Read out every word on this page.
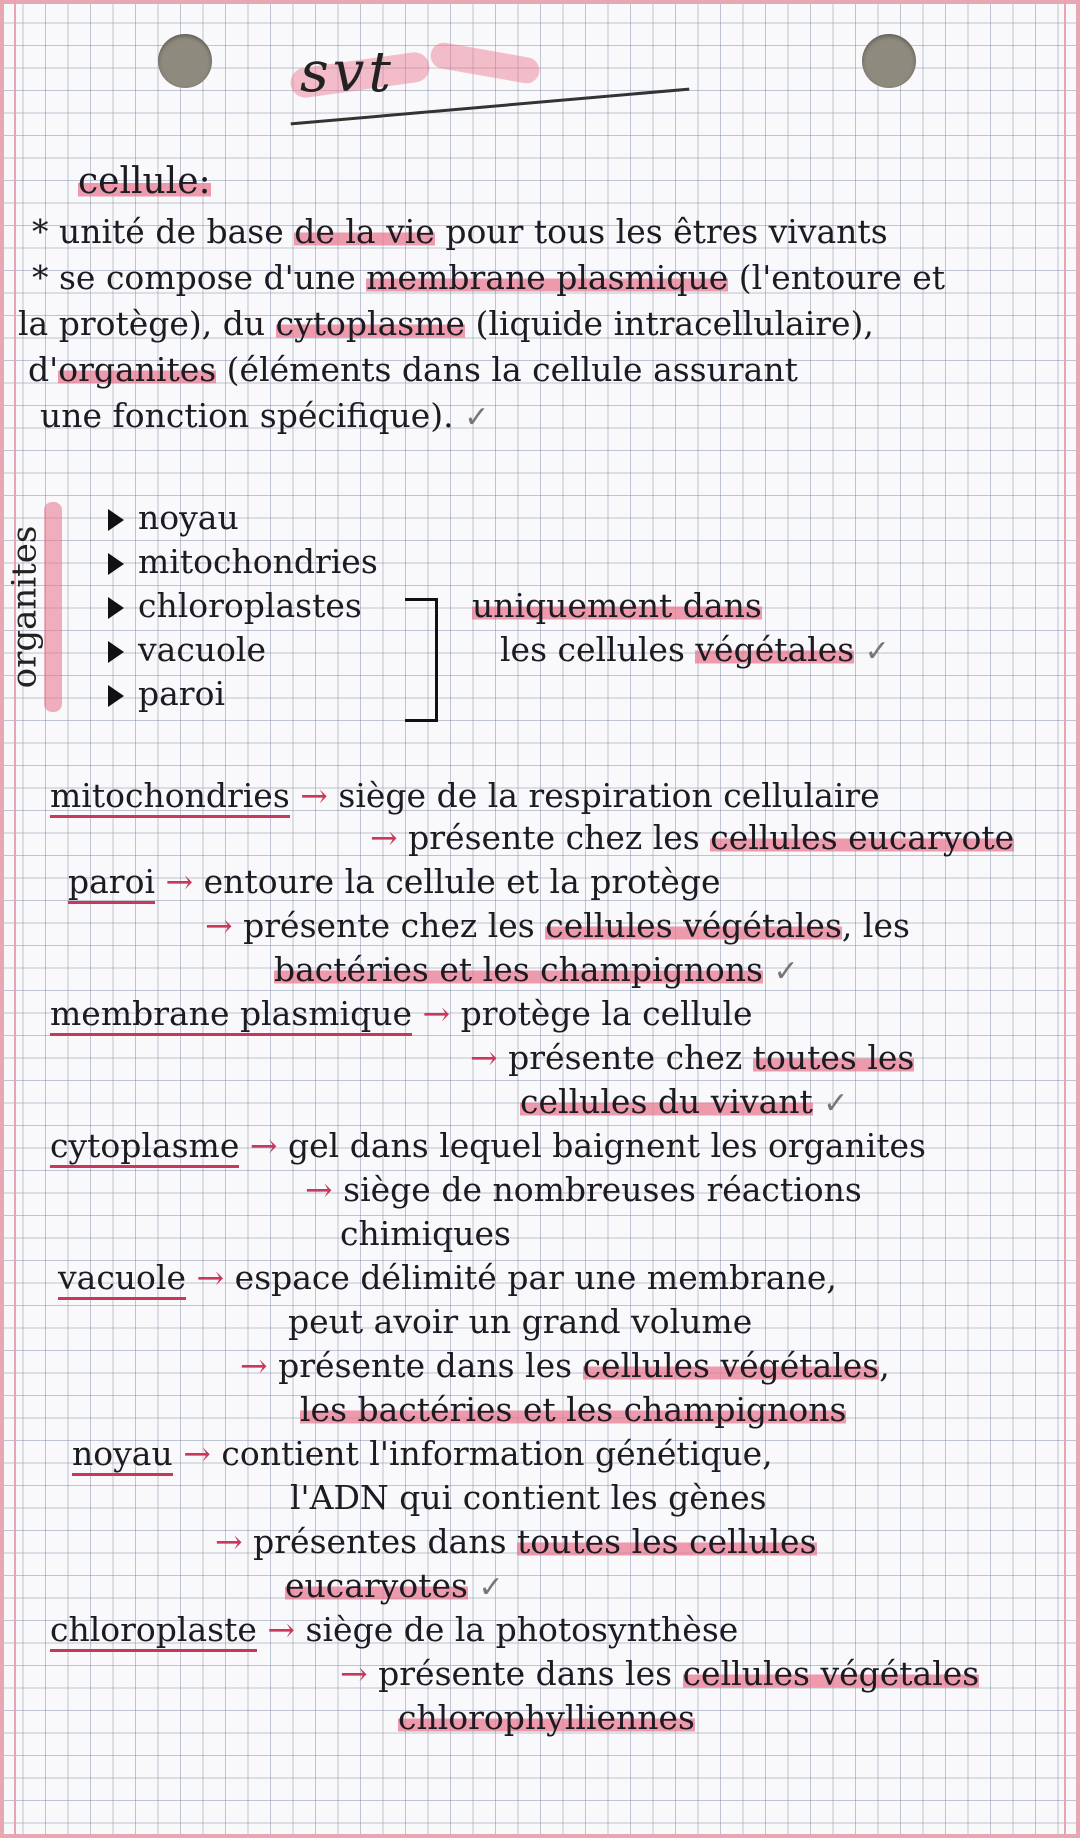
svt
cellule:
* unité de base de la vie pour tous les êtres vivants
* se compose d'une membrane plasmique (l'entoure et
la protège), du cytoplasme (liquide intracellulaire),
d'organites (éléments dans la cellule assurant
une fonction spécifique). ✓
organites
noyau
mitochondries
chloroplastes
vacuole
paroi
uniquement dans
les cellules végétales ✓
mitochondries → siège de la respiration cellulaire
→ présente chez les cellules eucaryote
paroi → entoure la cellule et la protège
→ présente chez les cellules végétales, les
bactéries et les champignons ✓
membrane plasmique → protège la cellule
→ présente chez toutes les
cellules du vivant ✓
cytoplasme → gel dans lequel baignent les organites
→ siège de nombreuses réactions
chimiques
vacuole → espace délimité par une membrane,
peut avoir un grand volume
→ présente dans les cellules végétales,
les bactéries et les champignons
noyau → contient l'information génétique,
l'ADN qui contient les gènes
→ présentes dans toutes les cellules
eucaryotes ✓
chloroplaste → siège de la photosynthèse
→ présente dans les cellules végétales
chlorophylliennes
